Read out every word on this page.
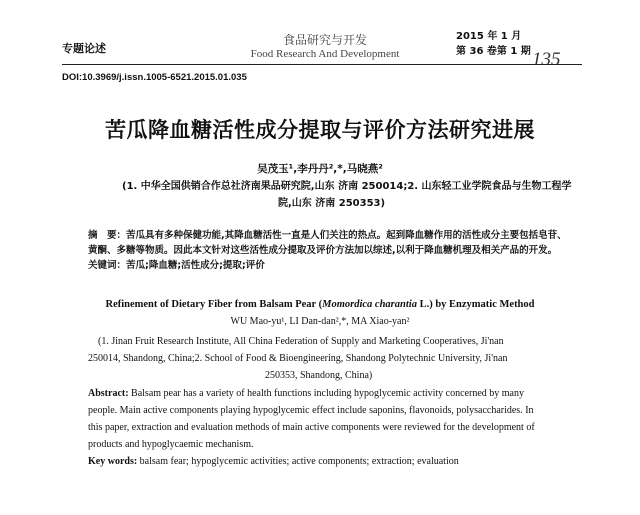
专题论述
食品研究与开发
Food Research And Development
2015 年 1 月
第 36 卷第 1 期 135
DOI:10.3969/j.issn.1005-6521.2015.01.035
苦瓜降血糖活性成分提取与评价方法研究进展
吴茂玉¹,李丹丹²,*,马晓燕²
(1. 中华全国供销合作总社济南果品研究院,山东 济南 250014;2. 山东轻工业学院食品与生物工程学
院,山东 济南 250353)
摘　要：苦瓜具有多种保健功能,其降血糖活性一直是人们关注的热点。起到降血糖作用的活性成分主要包括皂苷、
黄酮、多糖等物质。因此本文针对这些活性成分提取及评价方法加以综述,以利于降血糖机理及相关产品的开发。
关键词：苦瓜;降血糖;活性成分;提取;评价
Refinement of Dietary Fiber from Balsam Pear (Momordica charantia L.) by Enzymatic Method
WU Mao-yu¹, LI Dan-dan²,*, MA Xiao-yan²
(1. Jinan Fruit Research Institute, All China Federation of Supply and Marketing Cooperatives, Ji'nan
250014, Shandong, China;2. School of Food & Bioengineering, Shandong Polytechnic University, Ji'nan
250353, Shandong, China)
Abstract: Balsam pear has a variety of health functions including hypoglycemic activity concerned by many
people. Main active components playing hypoglycemic effect include saponins, flavonoids, polysaccharides. In
this paper, extraction and evaluation methods of main active components were reviewed for the development of
products and hypoglycaemic mechanism.
Key words: balsam fear; hypoglycemic activities; active components; extraction; evaluation
